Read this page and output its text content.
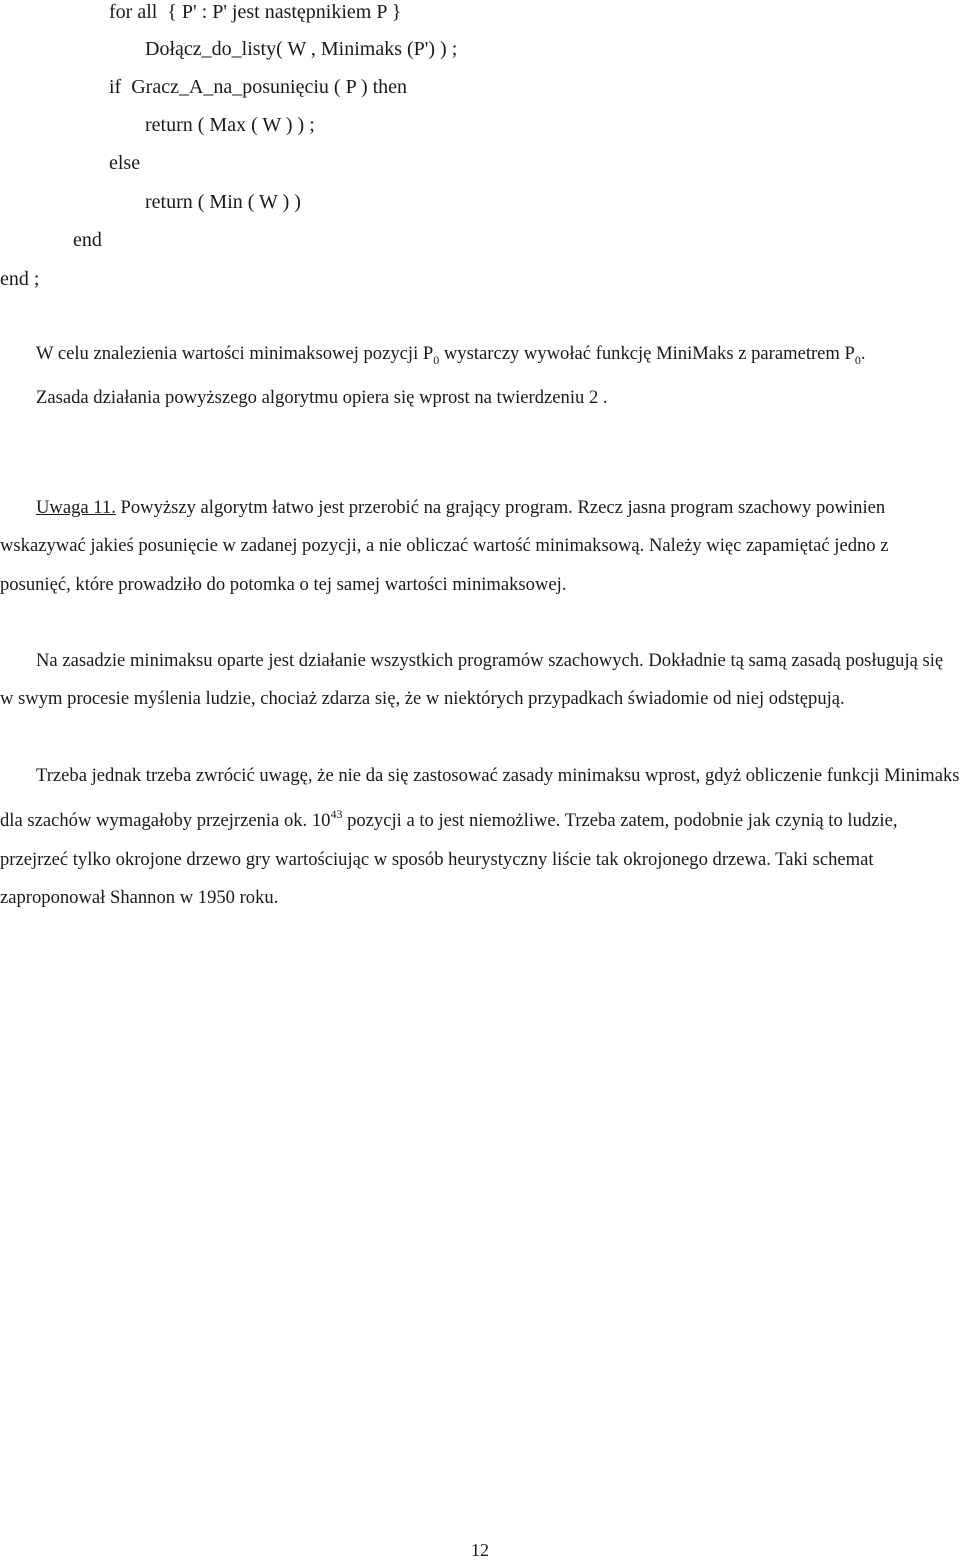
for all  { P' : P' jest następnikiem P }
Dołącz_do_listy( W , Minimaks (P') ) ;
if  Gracz_A_na_posunięciu ( P ) then
return ( Max ( W ) ) ;
else
return ( Min ( W ) )
end
end ;

W celu znalezienia wartości minimaksowej pozycji $P_0$ wystarczy wywołać funkcję MiniMaks z parametrem $P_0$.
Zasada działania powyższego algorytmu opiera się wprost na twierdzeniu 2 .

Uwaga 11. Powyższy algorytm łatwo jest przerobić na grający program. Rzecz jasna program szachowy powinien wskazywać jakieś posunięcie w zadanej pozycji, a nie obliczać wartość minimaksową. Należy więc zapamiętać jedno z posunięć, które prowadziło do potomka o tej samej wartości minimaksowej.

Na zasadzie minimaksu oparte jest działanie wszystkich programów szachowych. Dokładnie tą samą zasadą posługują się w swym procesie myślenia ludzie, chociaż zdarza się, że w niektórych przypadkach świadomie od niej odstępują.

Trzeba jednak trzeba zwrócić uwagę, że nie da się zastosować zasady minimaksu wprost, gdyż obliczenie funkcji Minimaks dla szachów wymagałoby przejrzenia ok. $10^{43}$ pozycji a to jest niemożliwe. Trzeba zatem, podobnie jak czynią to ludzie, przejrzeć tylko okrojone drzewo gry wartościując w sposób heurystyczny liście tak okrojonego drzewa. Taki schemat zaproponował Shannon w 1950 roku.

12
